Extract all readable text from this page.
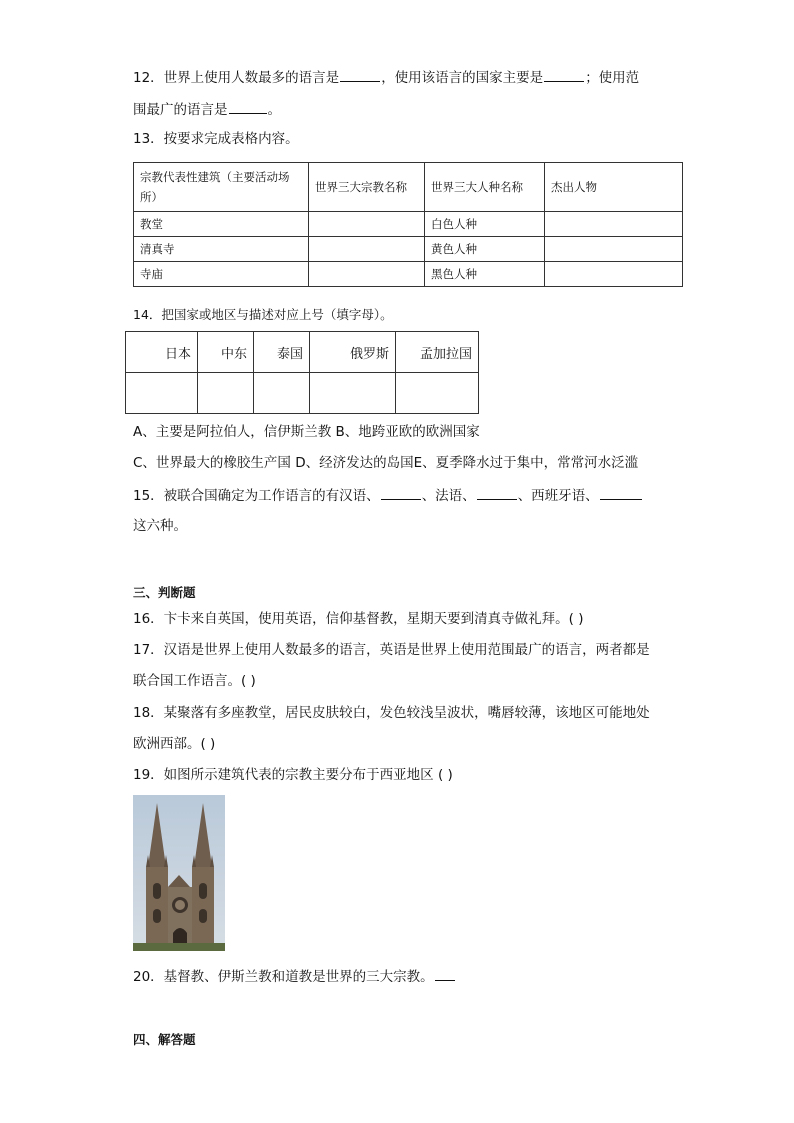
12．世界上使用人数最多的语言是	，使用该语言的国家主要是	；使用范
围最广的语言是	。
13．按要求完成表格内容。
宗教代表性建筑（主要活动场所）	世界三大宗教名称	世界三大人种名称	杰出人物
教堂		白色人种	
清真寺		黄色人种	
寺庙		黑色人种	
14．把国家或地区与描述对应上号（填字母）。
日本	中东	泰国	俄罗斯	孟加拉国

A、主要是阿拉伯人，信伊斯兰教 B、地跨亚欧的欧洲国家
C、世界最大的橡胶生产国 D、经济发达的岛国E、夏季降水过于集中，常常河水泛滥
15．被联合国确定为工作语言的有汉语、	、法语、	、西班牙语、
这六种。
三、判断题
16．卞卡来自英国，使用英语，信仰基督教，星期天要到清真寺做礼拜。( )
17．汉语是世界上使用人数最多的语言，英语是世界上使用范围最广的语言，两者都是
联合国工作语言。( )
18．某聚落有多座教堂，居民皮肤较白，发色较浅呈波状，嘴唇较薄，该地区可能地处
欧洲西部。( )
19．如图所示建筑代表的宗教主要分布于西亚地区 ( )
20．基督教、伊斯兰教和道教是世界的三大宗教。
四、解答题
